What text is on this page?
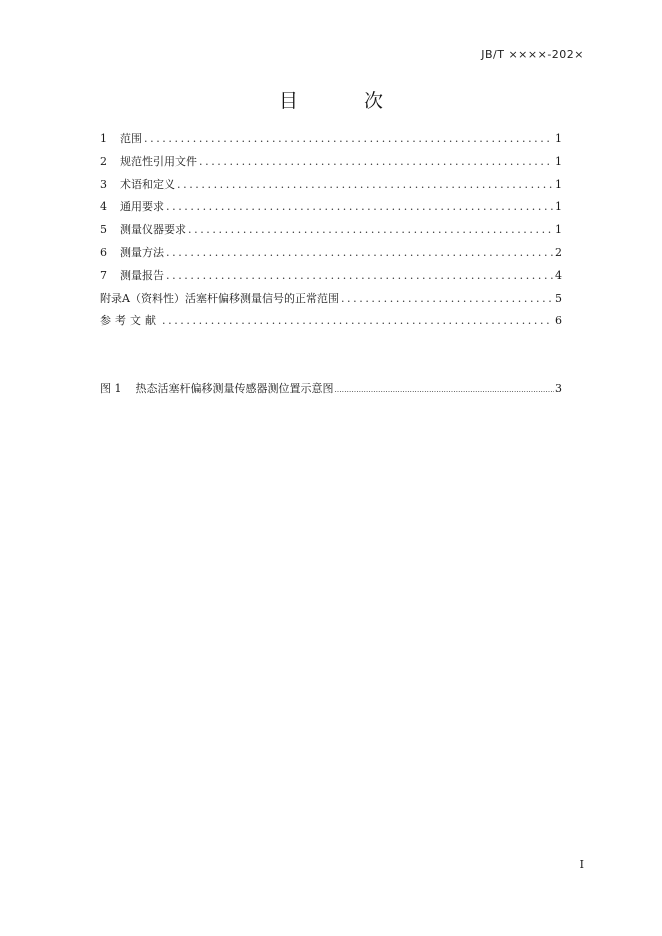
JB/T ××××-202×
目 次
1	范围 .....	1
2	规范性引用文件 .....	1
3	术语和定义 .....	1
4	通用要求 .....	1
5	测量仪器要求 .....	1
6	测量方法 .....	2
7	测量报告 .....	4
附录A（资料性）活塞杆偏移测量信号的正常范围 .....	5
参考文献 .....	6
图 1 热态活塞杆偏移测量传感器测位置示意图 .....	3
I
